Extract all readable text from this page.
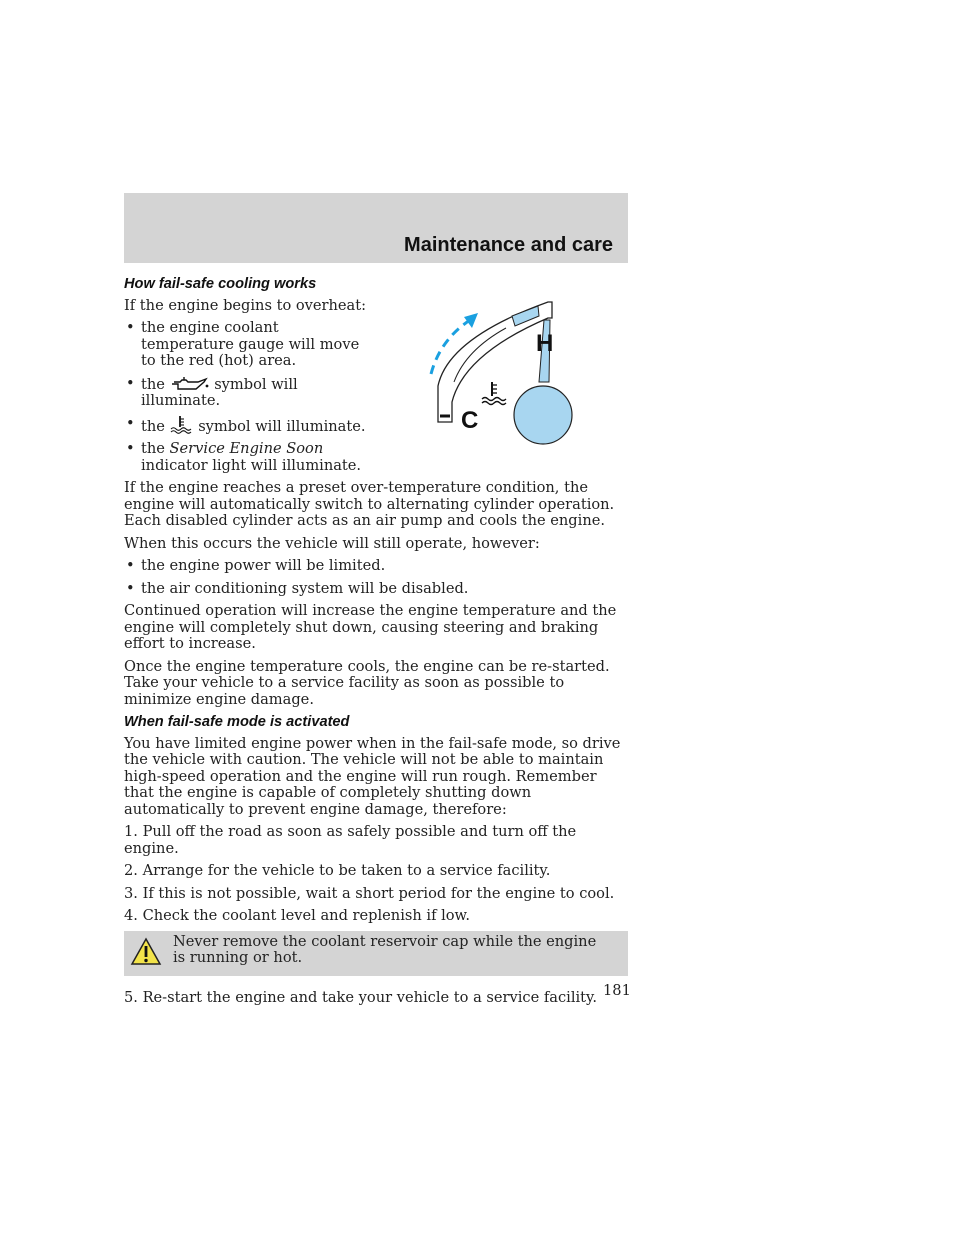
Maintenance and care
H
C
How fail-safe cooling works

If the engine begins to overheat:

• the engine coolant temperature gauge will move to the red (hot) area.
• the	symbol will illuminate.
• the symbol will illuminate.
• the Service Engine Soon indicator light will illuminate.

If the engine reaches a preset over-temperature condition, the engine will automatically switch to alternating cylinder operation. Each disabled cylinder acts as an air pump and cools the engine.

When this occurs the vehicle will still operate, however:

• the engine power will be limited.
• the air conditioning system will be disabled.

Continued operation will increase the engine temperature and the engine will completely shut down, causing steering and braking effort to increase.

Once the engine temperature cools, the engine can be re-started. Take your vehicle to a service facility as soon as possible to minimize engine damage.

When fail-safe mode is activated

You have limited engine power when in the fail-safe mode, so drive the vehicle with caution. The vehicle will not be able to maintain high-speed operation and the engine will run rough. Remember that the engine is capable of completely shutting down automatically to prevent engine damage, therefore:

1. Pull off the road as soon as safely possible and turn off the engine.
2. Arrange for the vehicle to be taken to a service facility.
3. If this is not possible, wait a short period for the engine to cool.
4. Check the coolant level and replenish if low.
Never remove the coolant reservoir cap while the engine is running or hot.

5. Re-start the engine and take your vehicle to a service facility. 181
